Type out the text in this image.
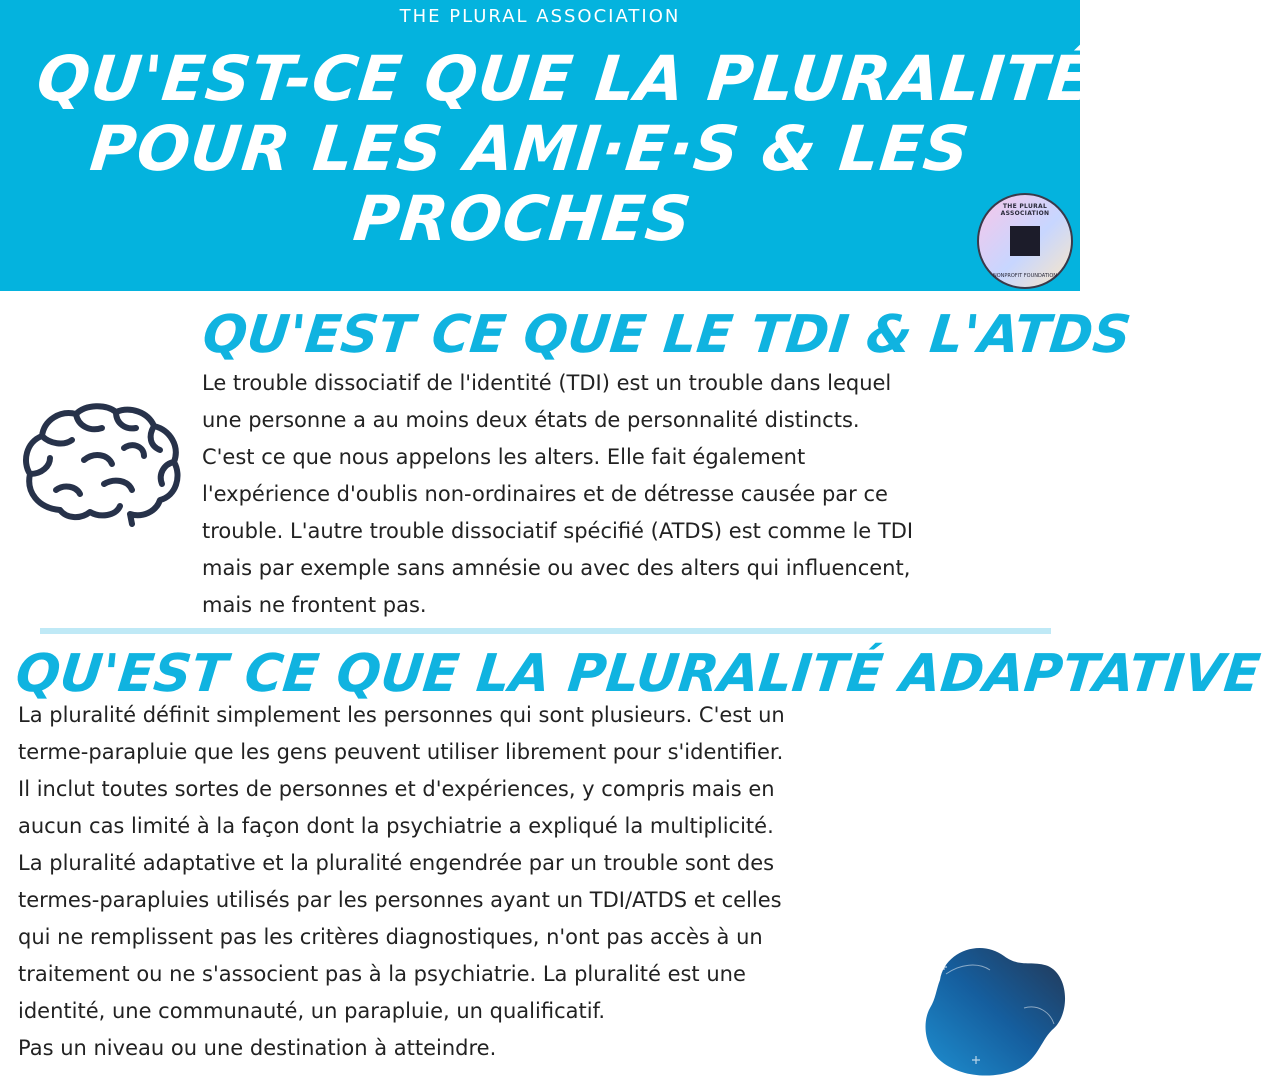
THE PLURAL ASSOCIATION
QU'EST-CE QUE LA PLURALITÉ
POUR LES AMI·E·S & LES
PROCHES	THE PLURAL ASSOCIATION
NONPROFIT FOUNDATION
QU'EST CE QUE LE TDI & L'ATDS
Le trouble dissociatif de l'identité (TDI) est un trouble dans lequel
une personne a au moins deux états de personnalité distincts.
C'est ce que nous appelons les alters. Elle fait également
l'expérience d'oublis non-ordinaires et de détresse causée par ce
trouble. L'autre trouble dissociatif spécifié (ATDS) est comme le TDI
mais par exemple sans amnésie ou avec des alters qui influencent,
mais ne frontent pas.
QU'EST CE QUE LA PLURALITÉ ADAPTATIVE
La pluralité définit simplement les personnes qui sont plusieurs. C'est un
terme-parapluie que les gens peuvent utiliser librement pour s'identifier.
Il inclut toutes sortes de personnes et d'expériences, y compris mais en
aucun cas limité à la façon dont la psychiatrie a expliqué la multiplicité.
La pluralité adaptative et la pluralité engendrée par un trouble sont des
termes-parapluies utilisés par les personnes ayant un TDI/ATDS et celles
qui ne remplissent pas les critères diagnostiques, n'ont pas accès à un
traitement ou ne s'associent pas à la psychiatrie. La pluralité est une
identité, une communauté, un parapluie, un qualificatif.
Pas un niveau ou une destination à atteindre.
